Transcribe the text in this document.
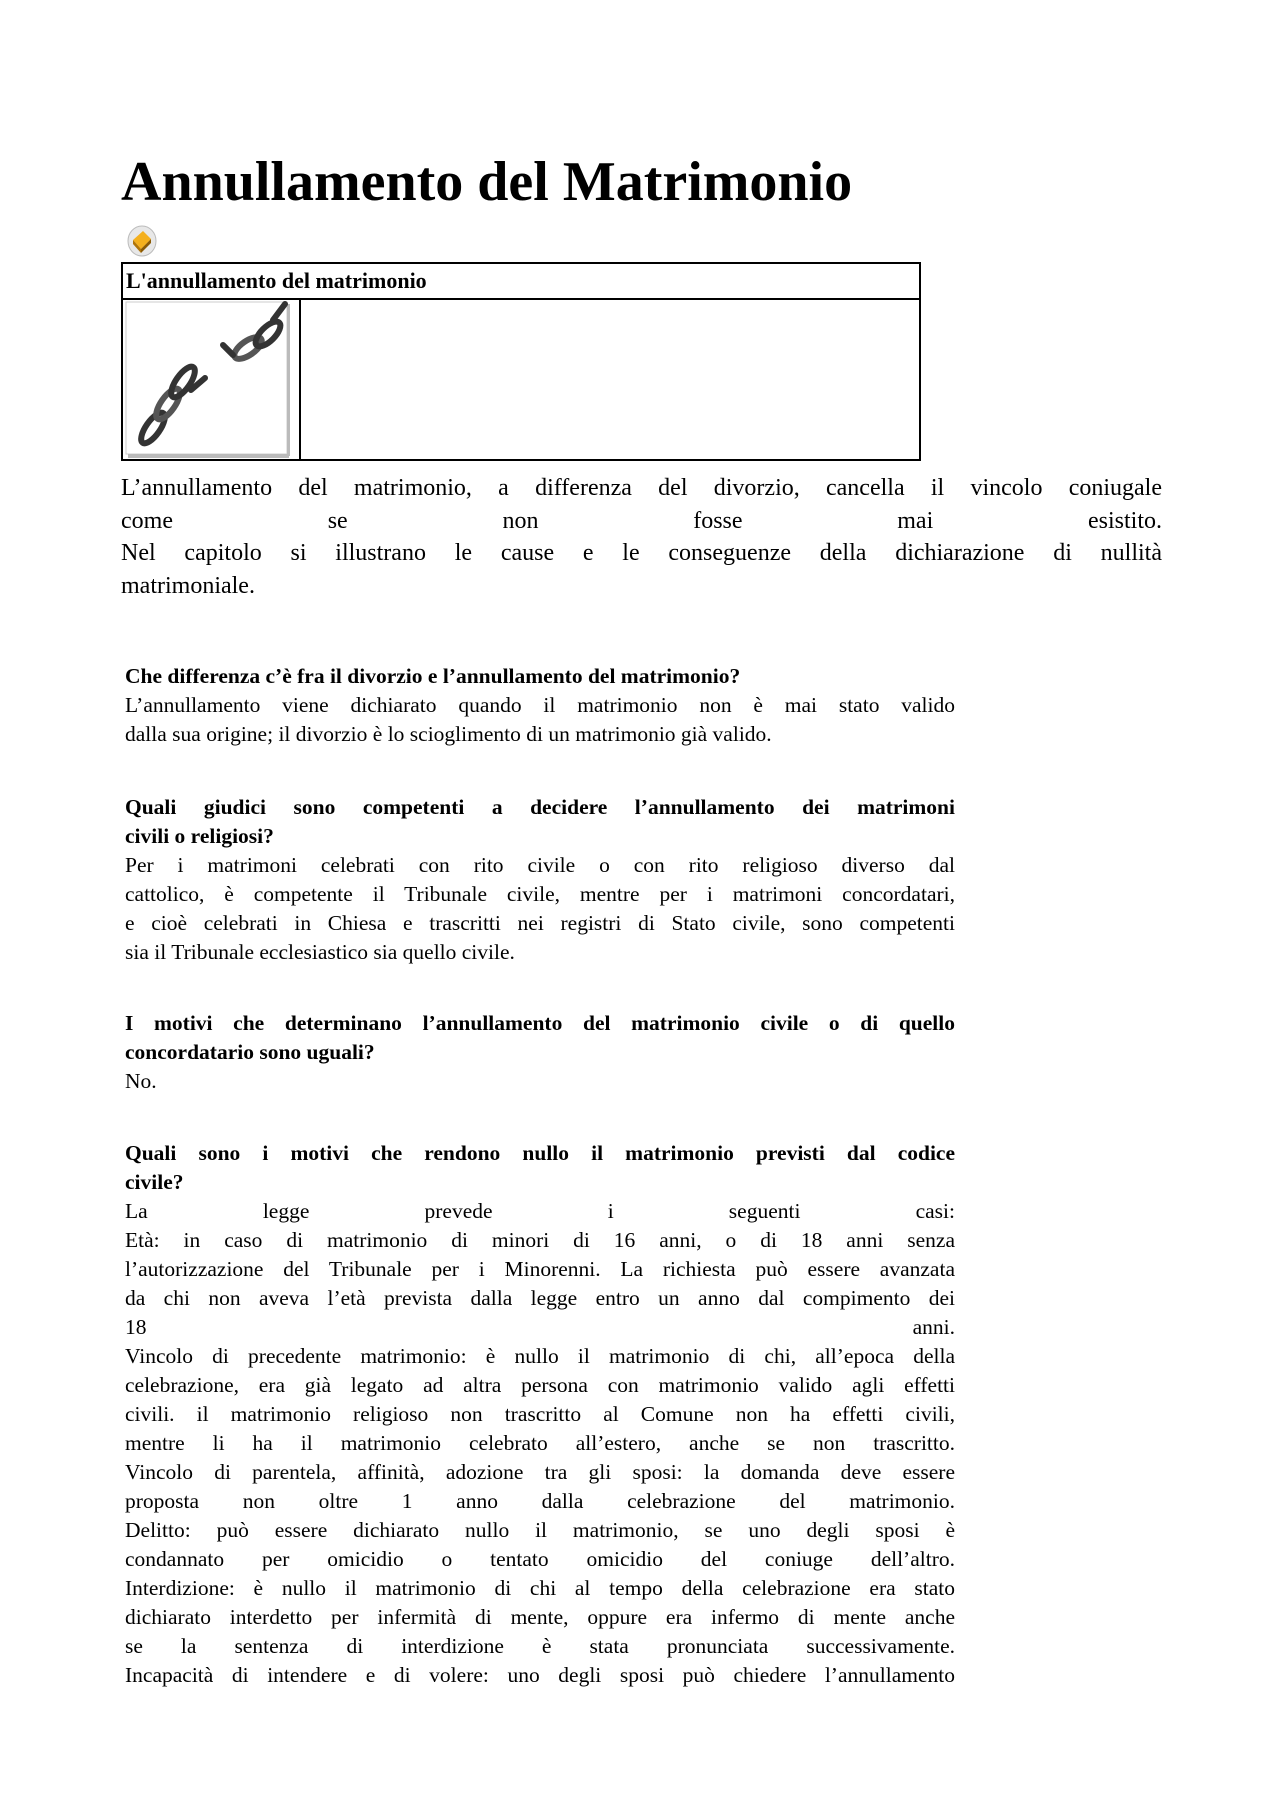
Annullamento del Matrimonio
L'annullamento del matrimonio
L’annullamento del matrimonio, a differenza del divorzio, cancella il vincolo coniugale
come se non fosse mai esistito.
Nel capitolo si illustrano le cause e le conseguenze della dichiarazione di nullità
matrimoniale.
Che differenza c’è fra il divorzio e l’annullamento del matrimonio?
L’annullamento viene dichiarato quando il matrimonio non è mai stato valido
dalla sua origine; il divorzio è lo scioglimento di un matrimonio già valido.
Quali giudici sono competenti a decidere l’annullamento dei matrimoni
civili o religiosi?
Per i matrimoni celebrati con rito civile o con rito religioso diverso dal
cattolico, è competente il Tribunale civile, mentre per i matrimoni concordatari,
e cioè celebrati in Chiesa e trascritti nei registri di Stato civile, sono competenti
sia il Tribunale ecclesiastico sia quello civile.
I motivi che determinano l’annullamento del matrimonio civile o di quello
concordatario sono uguali?
No.
Quali sono i motivi che rendono nullo il matrimonio previsti dal codice
civile?
La legge prevede i seguenti casi:
Età: in caso di matrimonio di minori di 16 anni, o di 18 anni senza
l’autorizzazione del Tribunale per i Minorenni. La richiesta può essere avanzata
da chi non aveva l’età prevista dalla legge entro un anno dal compimento dei
18 anni.
Vincolo di precedente matrimonio: è nullo il matrimonio di chi, all’epoca della
celebrazione, era già legato ad altra persona con matrimonio valido agli effetti
civili. il matrimonio religioso non trascritto al Comune non ha effetti civili,
mentre li ha il matrimonio celebrato all’estero, anche se non trascritto.
Vincolo di parentela, affinità, adozione tra gli sposi: la domanda deve essere
proposta non oltre 1 anno dalla celebrazione del matrimonio.
Delitto: può essere dichiarato nullo il matrimonio, se uno degli sposi è
condannato per omicidio o tentato omicidio del coniuge dell’altro.
Interdizione: è nullo il matrimonio di chi al tempo della celebrazione era stato
dichiarato interdetto per infermità di mente, oppure era infermo di mente anche
se la sentenza di interdizione è stata pronunciata successivamente.
Incapacità di intendere e di volere: uno degli sposi può chiedere l’annullamento
